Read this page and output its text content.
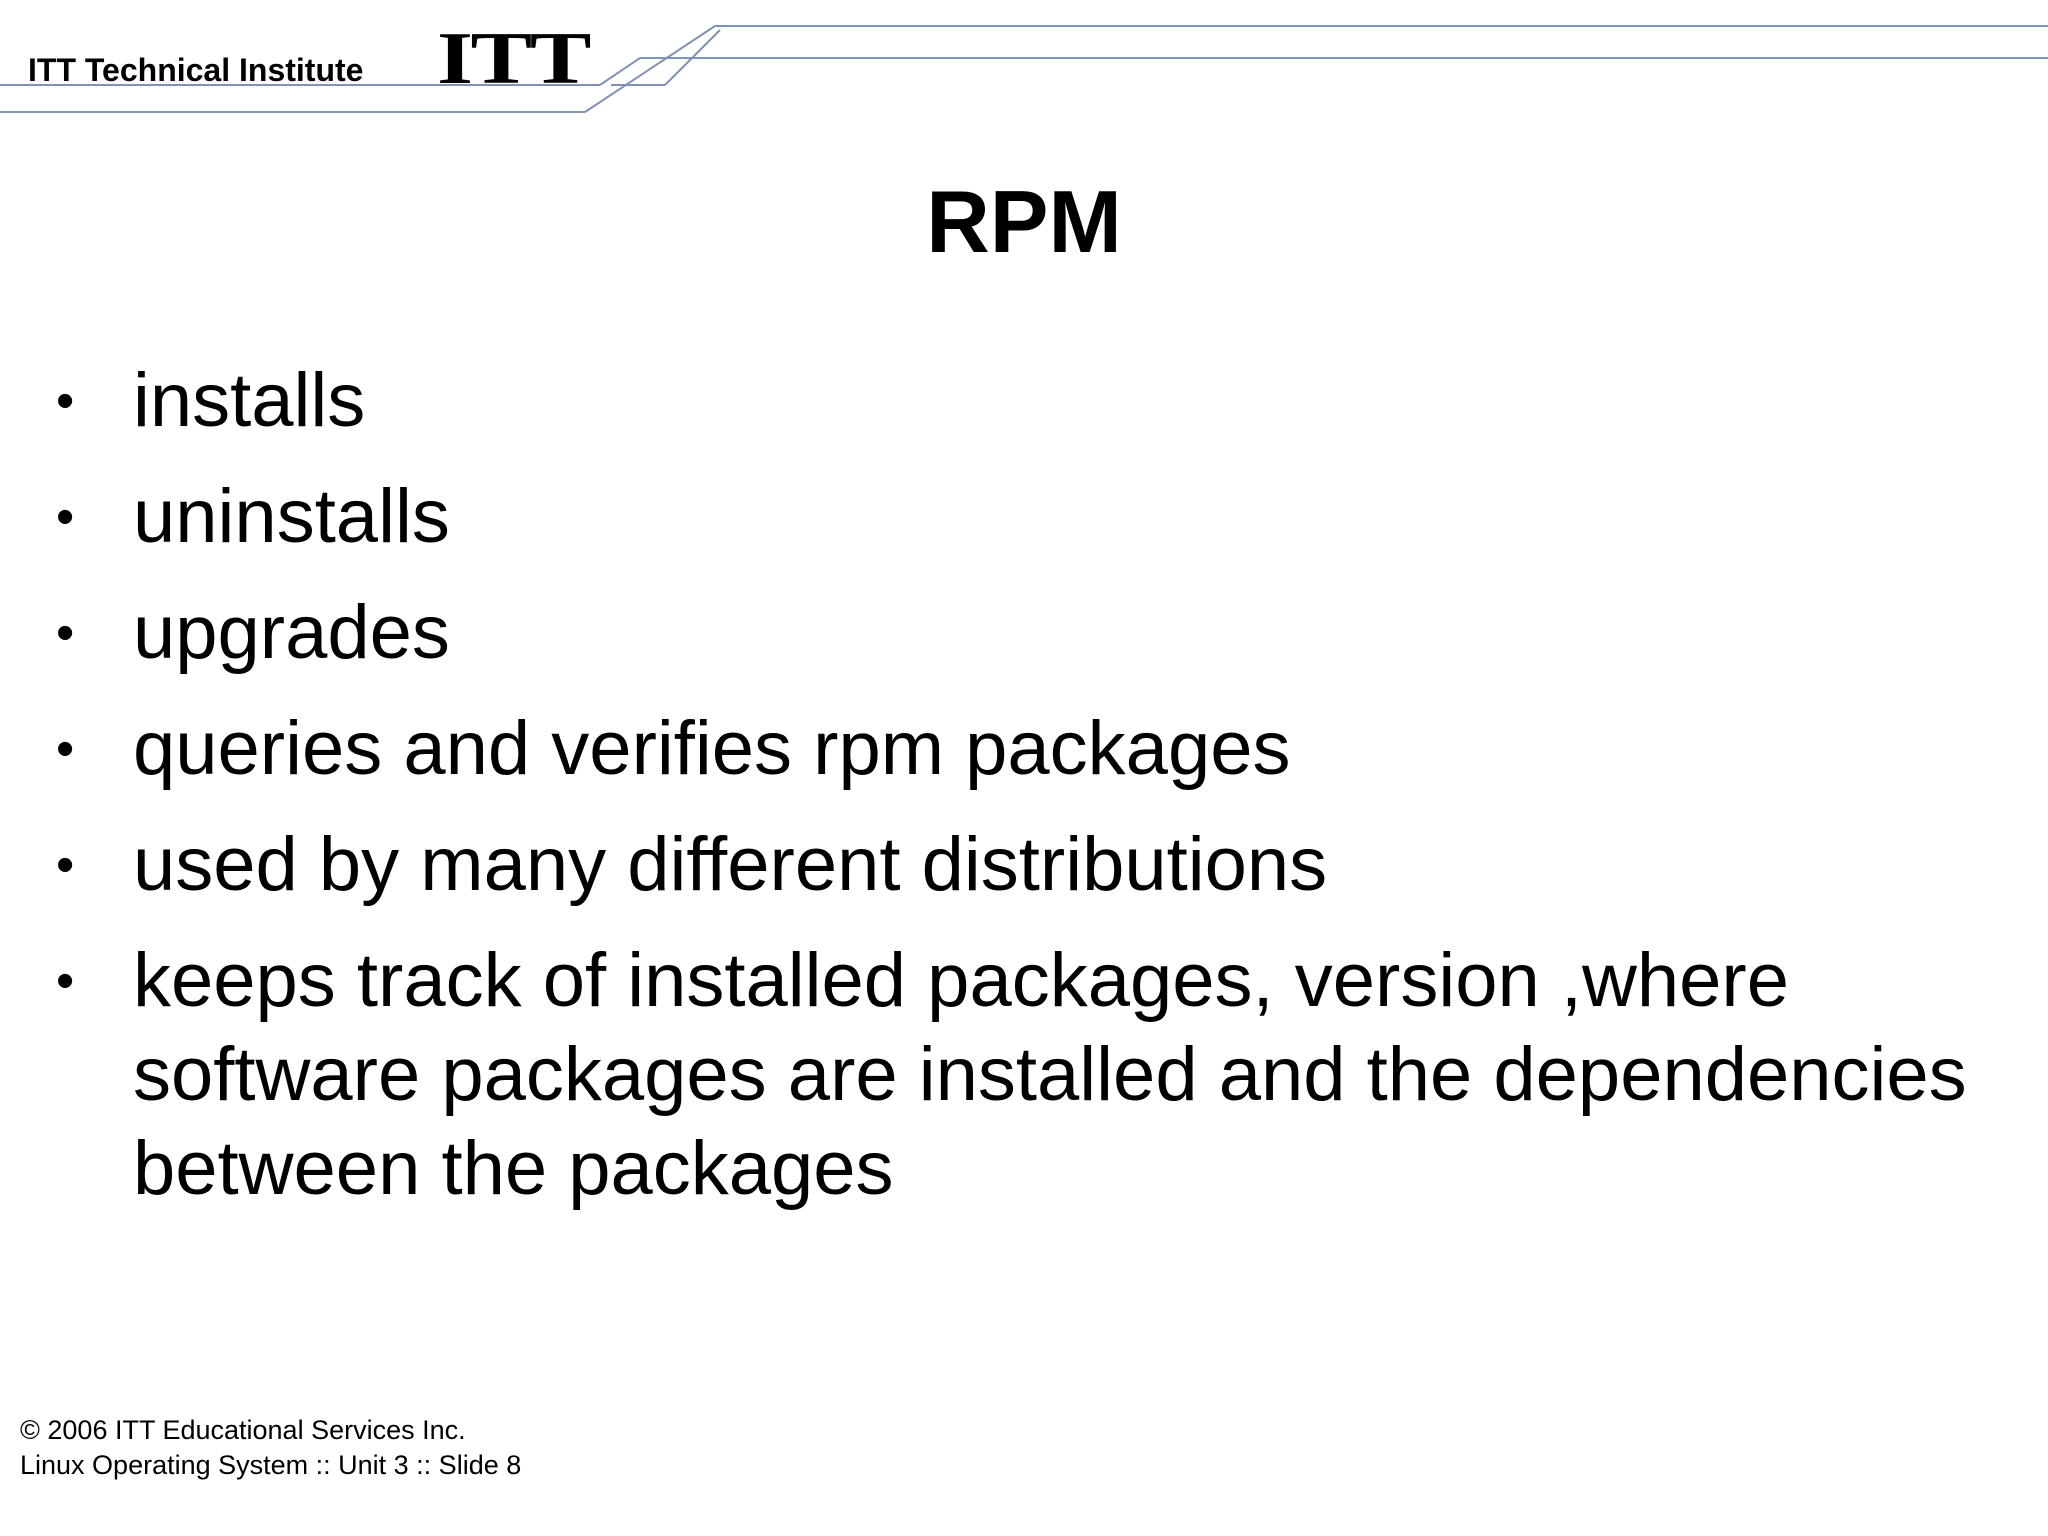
ITT Technical Institute ITT
RPM
• installs
• uninstalls
• upgrades
• queries and verifies rpm packages
• used by many different distributions
• keeps track of installed packages, version ,where software packages are installed and the dependencies between the packages
© 2006 ITT Educational Services Inc.
Linux Operating System :: Unit 3 :: Slide 8
